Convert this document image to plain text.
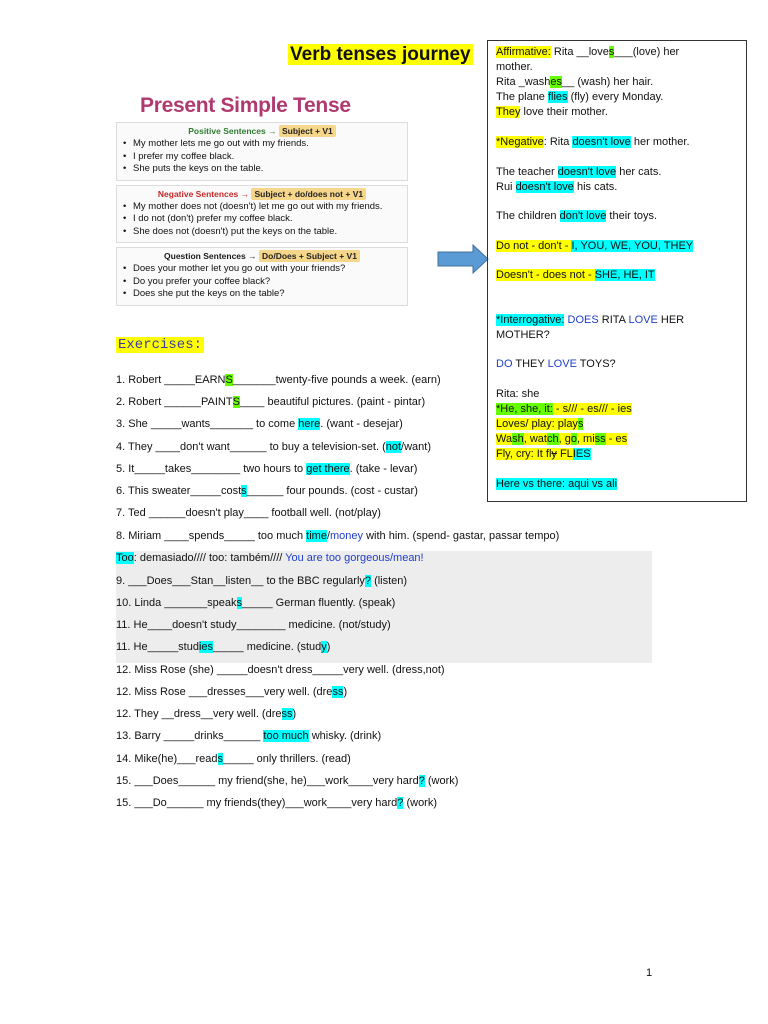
Verb tenses journey
Present Simple Tense
Positive Sentences → Subject + V1
• My mother lets me go out with my friends.
• I prefer my coffee black.
• She puts the keys on the table.
Negative Sentences → Subject + do/does not + V1
• My mother does not (doesn't) let me go out with my friends.
• I do not (don't) prefer my coffee black.
• She does not (doesn't) put the keys on the table.
Question Sentences → Do/Does + Subject + V1
• Does your mother let you go out with your friends?
• Do you prefer your coffee black?
• Does she put the keys on the table?
Affirmative: Rita __loves___(love) her
mother.
Rita _washes__ (wash) her hair.
The plane flies (fly) every Monday.
They love their mother.
*Negative: Rita doesn't love her mother.
The teacher doesn't love her cats.
Rui doesn't love his cats.
The children don't love their toys.
Do not - don't - I, YOU, WE, YOU, THEY
Doesn't - does not - SHE, HE, IT
*Interrogative: DOES RITA LOVE HER
MOTHER?
DO THEY LOVE TOYS?
Rita: she
*He, she, it: - s/// - es/// - ies
Loves/ play: plays
Wash, watch, go, miss - es
Fly, cry: It fly FLIES
Here vs there: aqui vs ali
Exercises:
1. Robert _____EARNS_______twenty-five pounds a week. (earn)
2. Robert ______PAINTS____ beautiful pictures. (paint - pintar)
3. She _____wants_______ to come here. (want - desejar)
4. They ____don't want______ to buy a television-set. (not/want)
5. It_____takes________ two hours to get there. (take - levar)
6. This sweater_____costs______ four pounds. (cost - custar)
7. Ted ______doesn't play____ football well. (not/play)
8. Miriam ____spends_____ too much time/money with him. (spend- gastar, passar tempo)
Too: demasiado//// too: também//// You are too gorgeous/mean!
9. ___Does___Stan__listen__ to the BBC regularly? (listen)
10. Linda _______speaks_____ German fluently. (speak)
11. He____doesn't study________ medicine. (not/study)
11. He_____studies_____ medicine. (study)
12. Miss Rose (she) _____doesn't dress_____very well. (dress,not)
12. Miss Rose ___dresses___very well. (dress)
12. They __dress__very well. (dress)
13. Barry _____drinks______ too much whisky. (drink)
14. Mike(he)___reads_____ only thrillers. (read)
15. ___Does______ my friend(she, he)___work____very hard? (work)
15. ___Do______ my friends(they)___work____very hard? (work)
1
